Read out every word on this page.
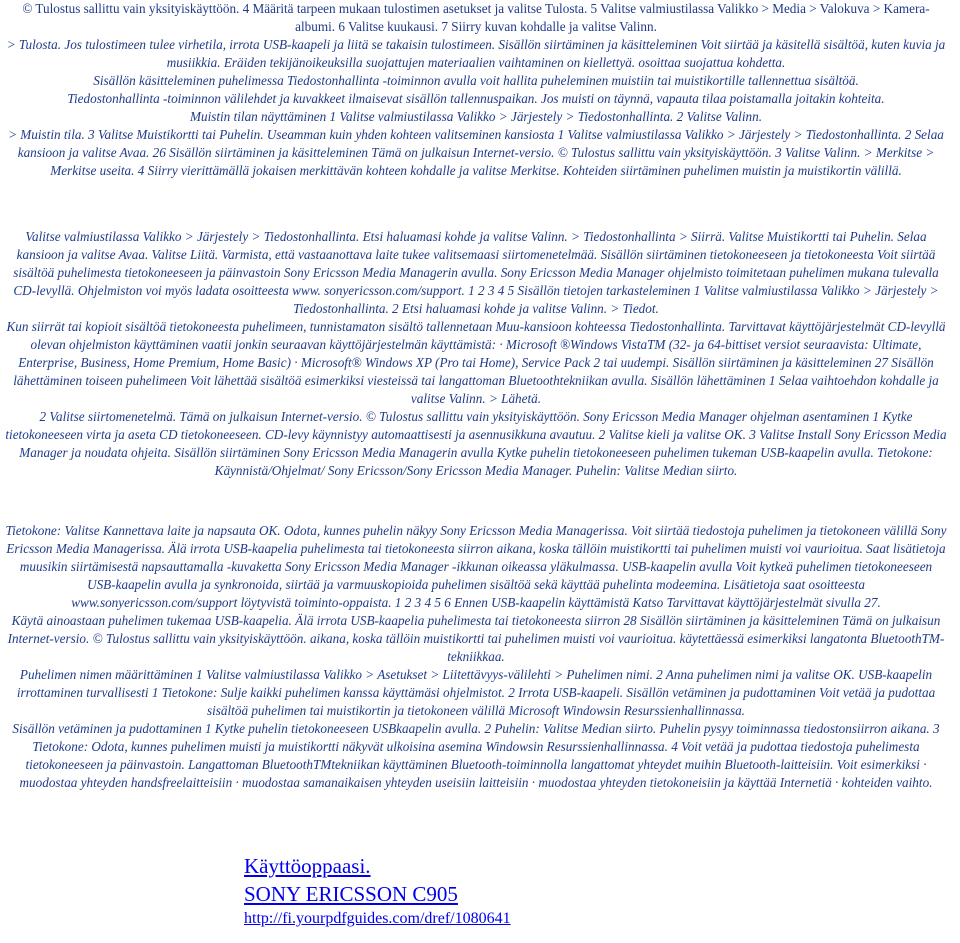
© Tulostus sallittu vain yksityiskäyttöön. 4 Määritä tarpeen mukaan tulostimen asetukset ja valitse Tulosta. 5 Valitse valmiustilassa Valikko > Media > Valokuva > Kamera-albumi. 6 Valitse kuukausi. 7 Siirry kuvan kohdalle ja valitse Valinn.

> Tulosta. Jos tulostimeen tulee virhetila, irrota USB-kaapeli ja liitä se takaisin tulostimeen. Sisällön siirtäminen ja käsitteleminen Voit siirtää ja käsitellä sisältöä, kuten kuvia ja musiikkia. Eräiden tekijänoikeuksilla suojattujen materiaalien vaihtaminen on kiellettyä. osoittaa suojattua kohdetta.

Sisällön käsitteleminen puhelimessa Tiedostonhallinta -toiminnon avulla voit hallita puheleminen muistiin tai muistikortille tallennettua sisältöä.

Tiedostonhallinta -toiminnon välilehdet ja kuvakkeet ilmaisevat sisällön tallennuspaikan. Jos muisti on täynnä, vapauta tilaa poistamalla joitakin kohteita.

Muistin tilan näyttäminen 1 Valitse valmiustilassa Valikko > Järjestely > Tiedostonhallinta. 2 Valitse Valinn.

> Muistin tila. 3 Valitse Muistikortti tai Puhelin. Useamman kuin yhden kohteen valitseminen kansiosta 1 Valitse valmiustilassa Valikko > Järjestely > Tiedostonhallinta. 2 Selaa kansioon ja valitse Avaa. 26 Sisällön siirtäminen ja käsitteleminen Tämä on julkaisun Internet-versio. © Tulostus sallittu vain yksityiskäyttöön. 3 Valitse Valinn. > Merkitse > Merkitse useita. 4 Siirry vierittämällä jokaisen merkittävän kohteen kohdalle ja valitse Merkitse. Kohteiden siirtäminen puhelimen muistin ja muistikortin välillä.

Valitse valmiustilassa Valikko > Järjestely > Tiedostonhallinta. Etsi haluamasi kohde ja valitse Valinn. > Tiedostonhallinta > Siirrä. Valitse Muistikortti tai Puhelin. Selaa kansioon ja valitse Avaa. Valitse Liitä. Varmista, että vastaanottava laite tukee valitsemaasi siirtomenetelmää. Sisällön siirtäminen tietokoneeseen ja tietokoneesta Voit siirtää sisältöä puhelimesta tietokoneeseen ja päinvastoin Sony Ericsson Media Managerin avulla. Sony Ericsson Media Manager ohjelmisto toimitetaan puhelimen mukana tulevalla CD-levyllä. Ohjelmiston voi myös ladata osoitteesta www. sonyericsson.com/support. 1 2 3 4 5 Sisällön tietojen tarkasteleminen 1 Valitse valmiustilassa Valikko > Järjestely > Tiedostonhallinta. 2 Etsi haluamasi kohde ja valitse Valinn. > Tiedot.

Kun siirrät tai kopioit sisältöä tietokoneesta puhelimeen, tunnistamaton sisältö tallennetaan Muu-kansioon kohteessa Tiedostonhallinta. Tarvittavat käyttöjärjestelmät CD-levyllä olevan ohjelmiston käyttäminen vaatii jonkin seuraavan käyttöjärjestelmän käyttämistä: · Microsoft ®Windows VistaTM (32- ja 64-bittiset versiot seuraavista: Ultimate, Enterprise, Business, Home Premium, Home Basic) · Microsoft® Windows XP (Pro tai Home), Service Pack 2 tai uudempi. Sisällön siirtäminen ja käsitteleminen 27 Sisällön lähettäminen toiseen puhelimeen Voit lähettää sisältöä esimerkiksi viesteissä tai langattoman Bluetoothtekniikan avulla. Sisällön lähettäminen 1 Selaa vaihtoehdon kohdalle ja valitse Valinn. > Lähetä.

2 Valitse siirtomenetelmä. Tämä on julkaisun Internet-versio. © Tulostus sallittu vain yksityiskäyttöön. Sony Ericsson Media Manager ohjelman asentaminen 1 Kytke tietokoneeseen virta ja aseta CD tietokoneeseen. CD-levy käynnistyy automaattisesti ja asennusikkuna avautuu. 2 Valitse kieli ja valitse OK. 3 Valitse Install Sony Ericsson Media Manager ja noudata ohjeita. Sisällön siirtäminen Sony Ericsson Media Managerin avulla Kytke puhelin tietokoneeseen puhelimen tukeman USB-kaapelin avulla. Tietokone: Käynnistä/Ohjelmat/ Sony Ericsson/Sony Ericsson Media Manager. Puhelin: Valitse Median siirto.

Tietokone: Valitse Kannettava laite ja napsauta OK. Odota, kunnes puhelin näkyy Sony Ericsson Media Managerissa. Voit siirtää tiedostoja puhelimen ja tietokoneen välillä Sony Ericsson Media Managerissa. Älä irrota USB-kaapelia puhelimesta tai tietokoneesta siirron aikana, koska tällöin muistikortti tai puhelimen muisti voi vaurioitua. Saat lisätietoja muusikin siirtämisestä napsauttamalla -kuvaketta Sony Ericsson Media Manager -ikkunan oikeassa yläkulmassa. USB-kaapelin avulla Voit kytkeä puhelimen tietokoneeseen USB-kaapelin avulla ja synkronoida, siirtää ja varmuuskopioida puhelimen sisältöä sekä käyttää puhelinta modeemina. Lisätietoja saat osoitteesta www.sonyericsson.com/support löytyvistä toiminto-oppaista. 1 2 3 4 5 6 Ennen USB-kaapelin käyttämistä Katso Tarvittavat käyttöjärjestelmät sivulla 27.

Käytä ainoastaan puhelimen tukemaa USB-kaapelia. Älä irrota USB-kaapelia puhelimesta tai tietokoneesta siirron 28 Sisällön siirtäminen ja käsitteleminen Tämä on julkaisun Internet-versio. © Tulostus sallittu vain yksityiskäyttöön. aikana, koska tällöin muistikortti tai puhelimen muisti voi vaurioitua. käytettäessä esimerkiksi langatonta BluetoothTM-tekniikkaa.

Puhelimen nimen määrittäminen 1 Valitse valmiustilassa Valikko > Asetukset > Liitettävyys-välilehti > Puhelimen nimi. 2 Anna puhelimen nimi ja valitse OK. USB-kaapelin irrottaminen turvallisesti 1 Tietokone: Sulje kaikki puhelimen kanssa käyttämäsi ohjelmistot. 2 Irrota USB-kaapeli. Sisällön vetäminen ja pudottaminen Voit vetää ja pudottaa sisältöä puhelimen tai muistikortin ja tietokoneen välillä Microsoft Windowsin Resurssienhallinnassa.

Sisällön vetäminen ja pudottaminen 1 Kytke puhelin tietokoneeseen USBkaapelin avulla. 2 Puhelin: Valitse Median siirto. Puhelin pysyy toiminnassa tiedostonsiirron aikana. 3 Tietokone: Odota, kunnes puhelimen muisti ja muistikortti näkyvät ulkoisina asemina Windowsin Resurssienhallinnassa. 4 Voit vetää ja pudottaa tiedostoja puhelimesta tietokoneeseen ja päinvastoin. Langattoman BluetoothTMtekniikan käyttäminen Bluetooth-toiminnolla langattomat yhteydet muihin Bluetooth-laitteisiin. Voit esimerkiksi · muodostaa yhteyden handsfreelaitteisiin · muodostaa samanaikaisen yhteyden useisiin laitteisiin · muodostaa yhteyden tietokoneisiin ja käyttää Internetiä · kohteiden vaihto.

Käyttöoppaasi.
SONY ERICSSON C905
http://fi.yourpdfguides.com/dref/1080641
